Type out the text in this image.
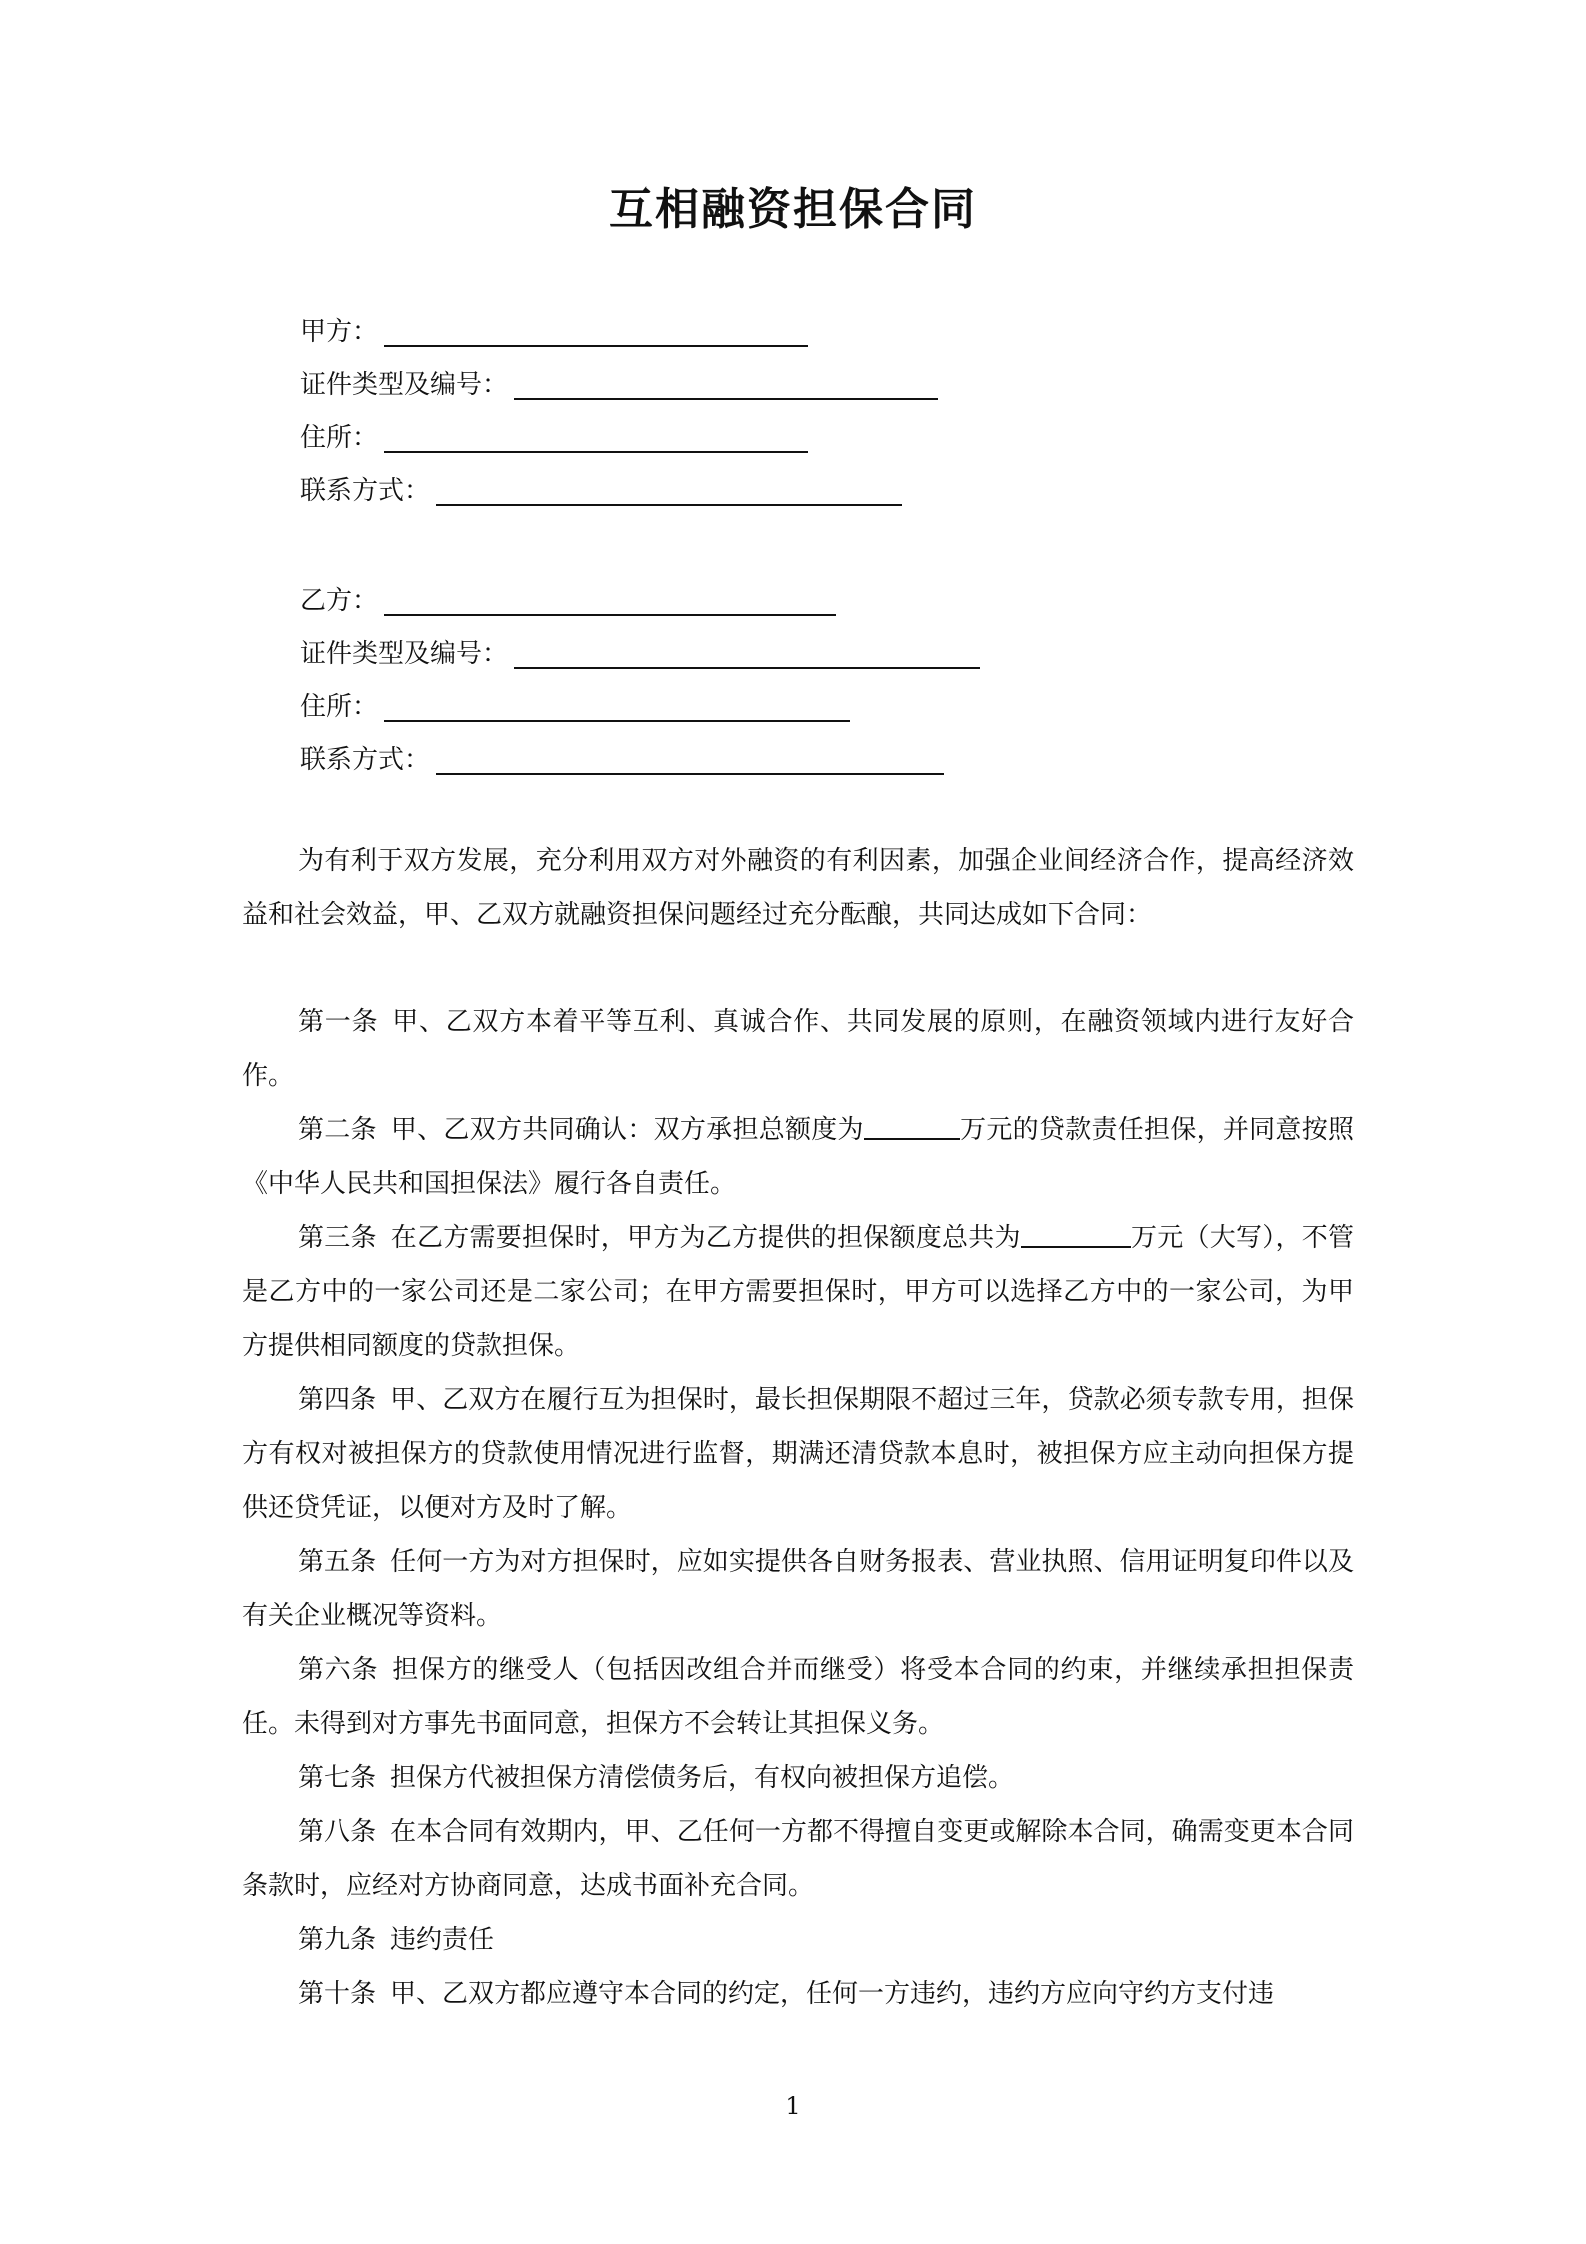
互相融资担保合同
甲方：
证件类型及编号：
住所：
联系方式：
乙方：
证件类型及编号：
住所：
联系方式：

为有利于双方发展，充分利用双方对外融资的有利因素，加强企业间经济合作，提高经济效益和社会效益，甲、乙双方就融资担保问题经过充分酝酿，共同达成如下合同：

第一条 甲、乙双方本着平等互利、真诚合作、共同发展的原则，在融资领域内进行友好合作。

第二条 甲、乙双方共同确认：双方承担总额度为	万元的贷款责任担保，并同意按照《中华人民共和国担保法》履行各自责任。

第三条 在乙方需要担保时，甲方为乙方提供的担保额度总共为	万元（大写），不管是乙方中的一家公司还是二家公司；在甲方需要担保时，甲方可以选择乙方中的一家公司，为甲方提供相同额度的贷款担保。

第四条 甲、乙双方在履行互为担保时，最长担保期限不超过三年，贷款必须专款专用，担保方有权对被担保方的贷款使用情况进行监督，期满还清贷款本息时，被担保方应主动向担保方提供还贷凭证，以便对方及时了解。

第五条 任何一方为对方担保时，应如实提供各自财务报表、营业执照、信用证明复印件以及有关企业概况等资料。

第六条 担保方的继受人（包括因改组合并而继受）将受本合同的约束，并继续承担担保责任。未得到对方事先书面同意，担保方不会转让其担保义务。

第七条 担保方代被担保方清偿债务后，有权向被担保方追偿。

第八条 在本合同有效期内，甲、乙任何一方都不得擅自变更或解除本合同，确需变更本合同条款时，应经对方协商同意，达成书面补充合同。

第九条 违约责任

第十条 甲、乙双方都应遵守本合同的约定，任何一方违约，违约方应向守约方支付违

1
